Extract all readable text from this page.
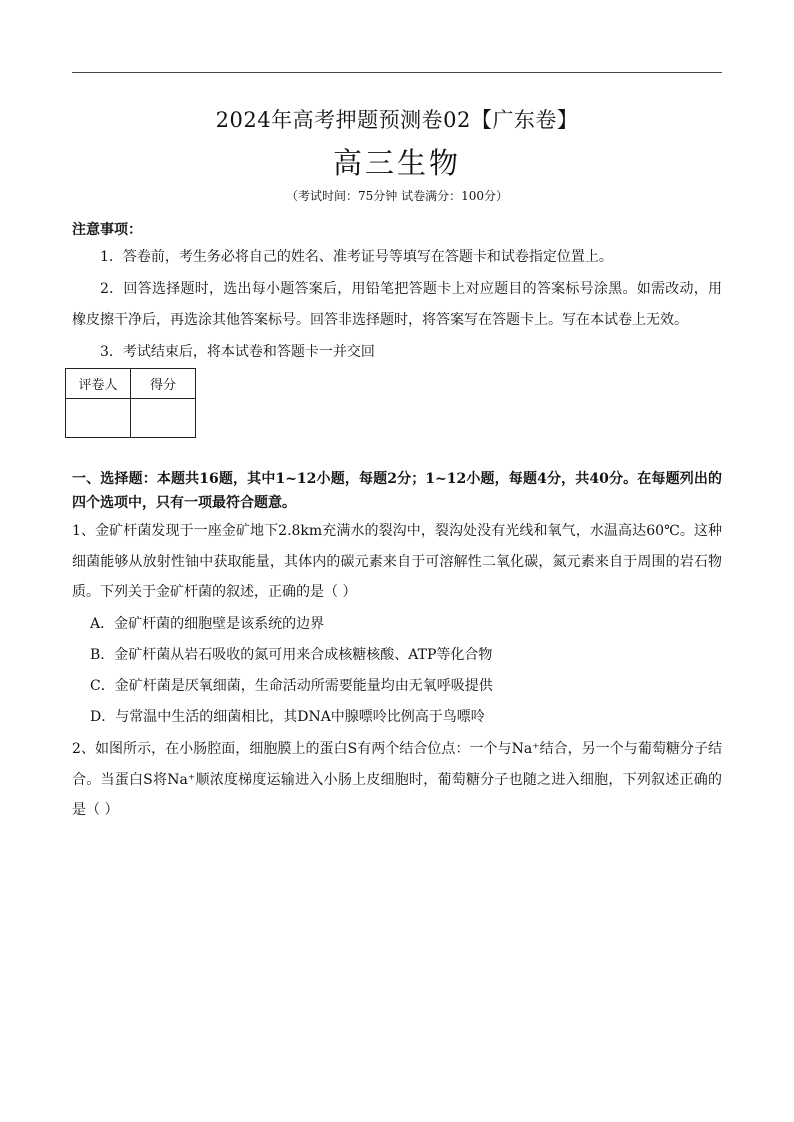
2024年高考押题预测卷02【广东卷】
高三生物
（考试时间：75分钟 试卷满分：100分）
注意事项：
1．答卷前，考生务必将自己的姓名、准考证号等填写在答题卡和试卷指定位置上。
2．回答选择题时，选出每小题答案后，用铅笔把答题卡上对应题目的答案标号涂黑。如需改动，用橡皮擦干净后，再选涂其他答案标号。回答非选择题时，将答案写在答题卡上。写在本试卷上无效。
3．考试结束后，将本试卷和答题卡一并交回
评卷人	得分

一、选择题：本题共16题，其中1~12小题，每题2分；1~12小题，每题4分，共40分。在每题列出的四个选项中，只有一项最符合题意。
1、金矿杆菌发现于一座金矿地下2.8km充满水的裂沟中，裂沟处没有光线和氧气，水温高达60℃。这种细菌能够从放射性铀中获取能量，其体内的碳元素来自于可溶解性二氧化碳，氮元素来自于周围的岩石物质。下列关于金矿杆菌的叙述，正确的是（ ）
A．金矿杆菌的细胞壁是该系统的边界
B．金矿杆菌从岩石吸收的氮可用来合成核糖核酸、ATP等化合物
C．金矿杆菌是厌氧细菌，生命活动所需要能量均由无氧呼吸提供
D．与常温中生活的细菌相比，其DNA中腺嘌呤比例高于鸟嘌呤
2、如图所示，在小肠腔面，细胞膜上的蛋白S有两个结合位点：一个与Na⁺结合，另一个与葡萄糖分子结合。当蛋白S将Na⁺顺浓度梯度运输进入小肠上皮细胞时，葡萄糖分子也随之进入细胞，下列叙述正确的是（ ）
